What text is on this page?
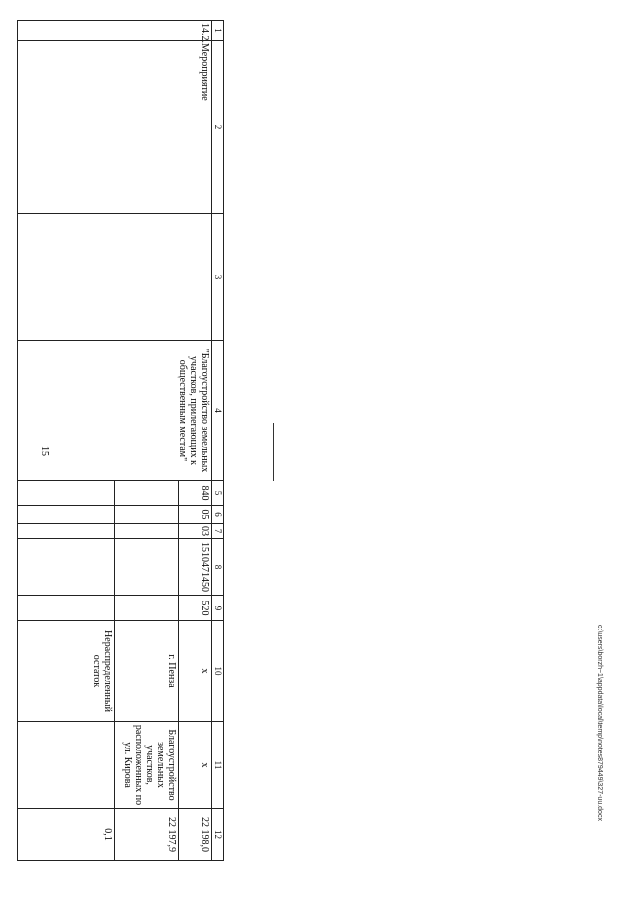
15
1	2	3	4	5	6	7	8	9	10	11	12
14.2.	Мероприятие		"Благоустройство земельных участков, прилегающих к общественным местам"	840	05	03	1510471450	520	х	х	22 198,0
									г. Пенза	Благоустройство земельных участков, расположенных по ул. Кирова	22 197,9
									Нераспределенный остаток		0,1
c:\users\borzh~1\appdata\local\temp\notes879449\327-uu.docx
